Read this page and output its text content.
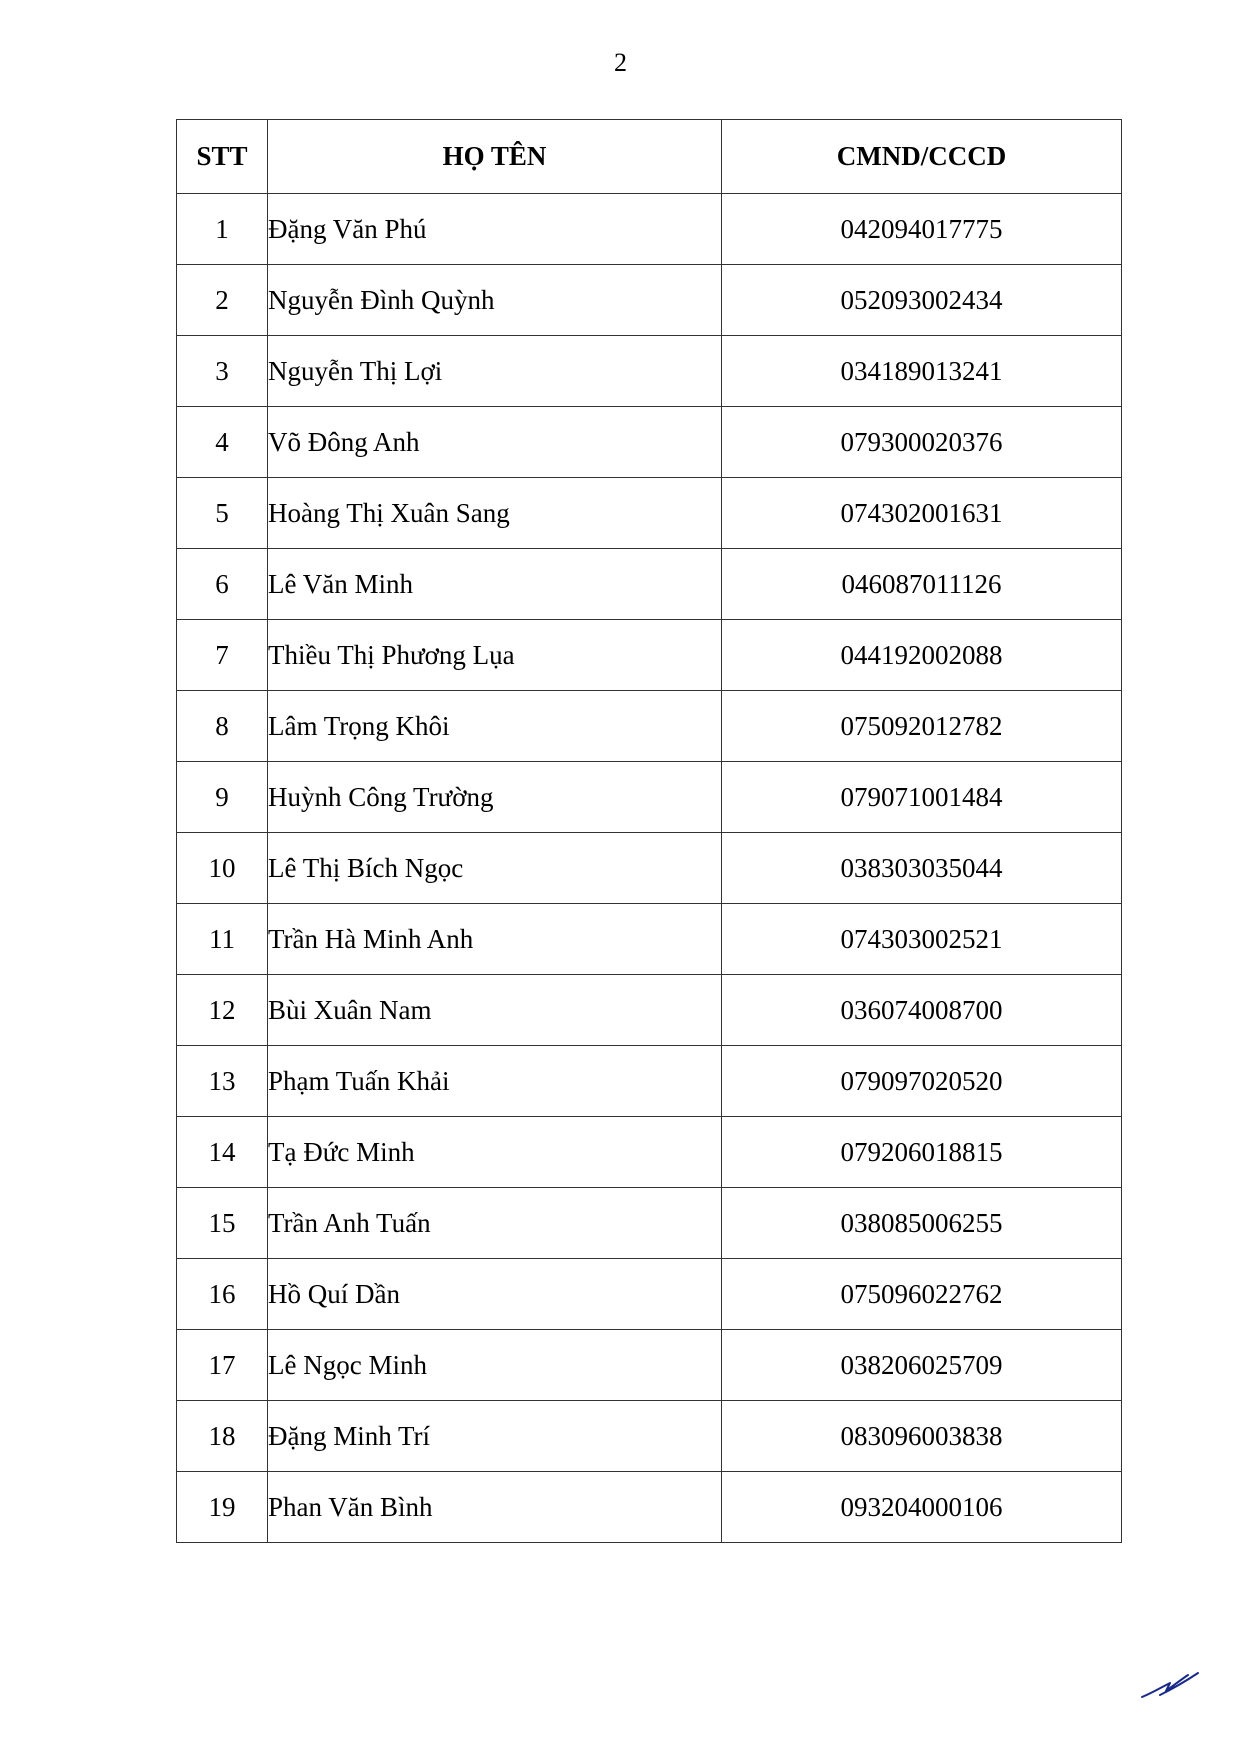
2
STT	HỌ TÊN	CMND/CCCD
1	Đặng Văn Phú	042094017775
2	Nguyễn Đình Quỳnh	052093002434
3	Nguyễn Thị Lợi	034189013241
4	Võ Đông Anh	079300020376
5	Hoàng Thị Xuân Sang	074302001631
6	Lê Văn Minh	046087011126
7	Thiều Thị Phương Lụa	044192002088
8	Lâm Trọng Khôi	075092012782
9	Huỳnh Công Trường	079071001484
10	Lê Thị Bích Ngọc	038303035044
11	Trần Hà Minh Anh	074303002521
12	Bùi Xuân Nam	036074008700
13	Phạm Tuấn Khải	079097020520
14	Tạ Đức Minh	079206018815
15	Trần Anh Tuấn	038085006255
16	Hồ Quí Dần	075096022762
17	Lê Ngọc Minh	038206025709
18	Đặng Minh Trí	083096003838
19	Phan Văn Bình	093204000106
